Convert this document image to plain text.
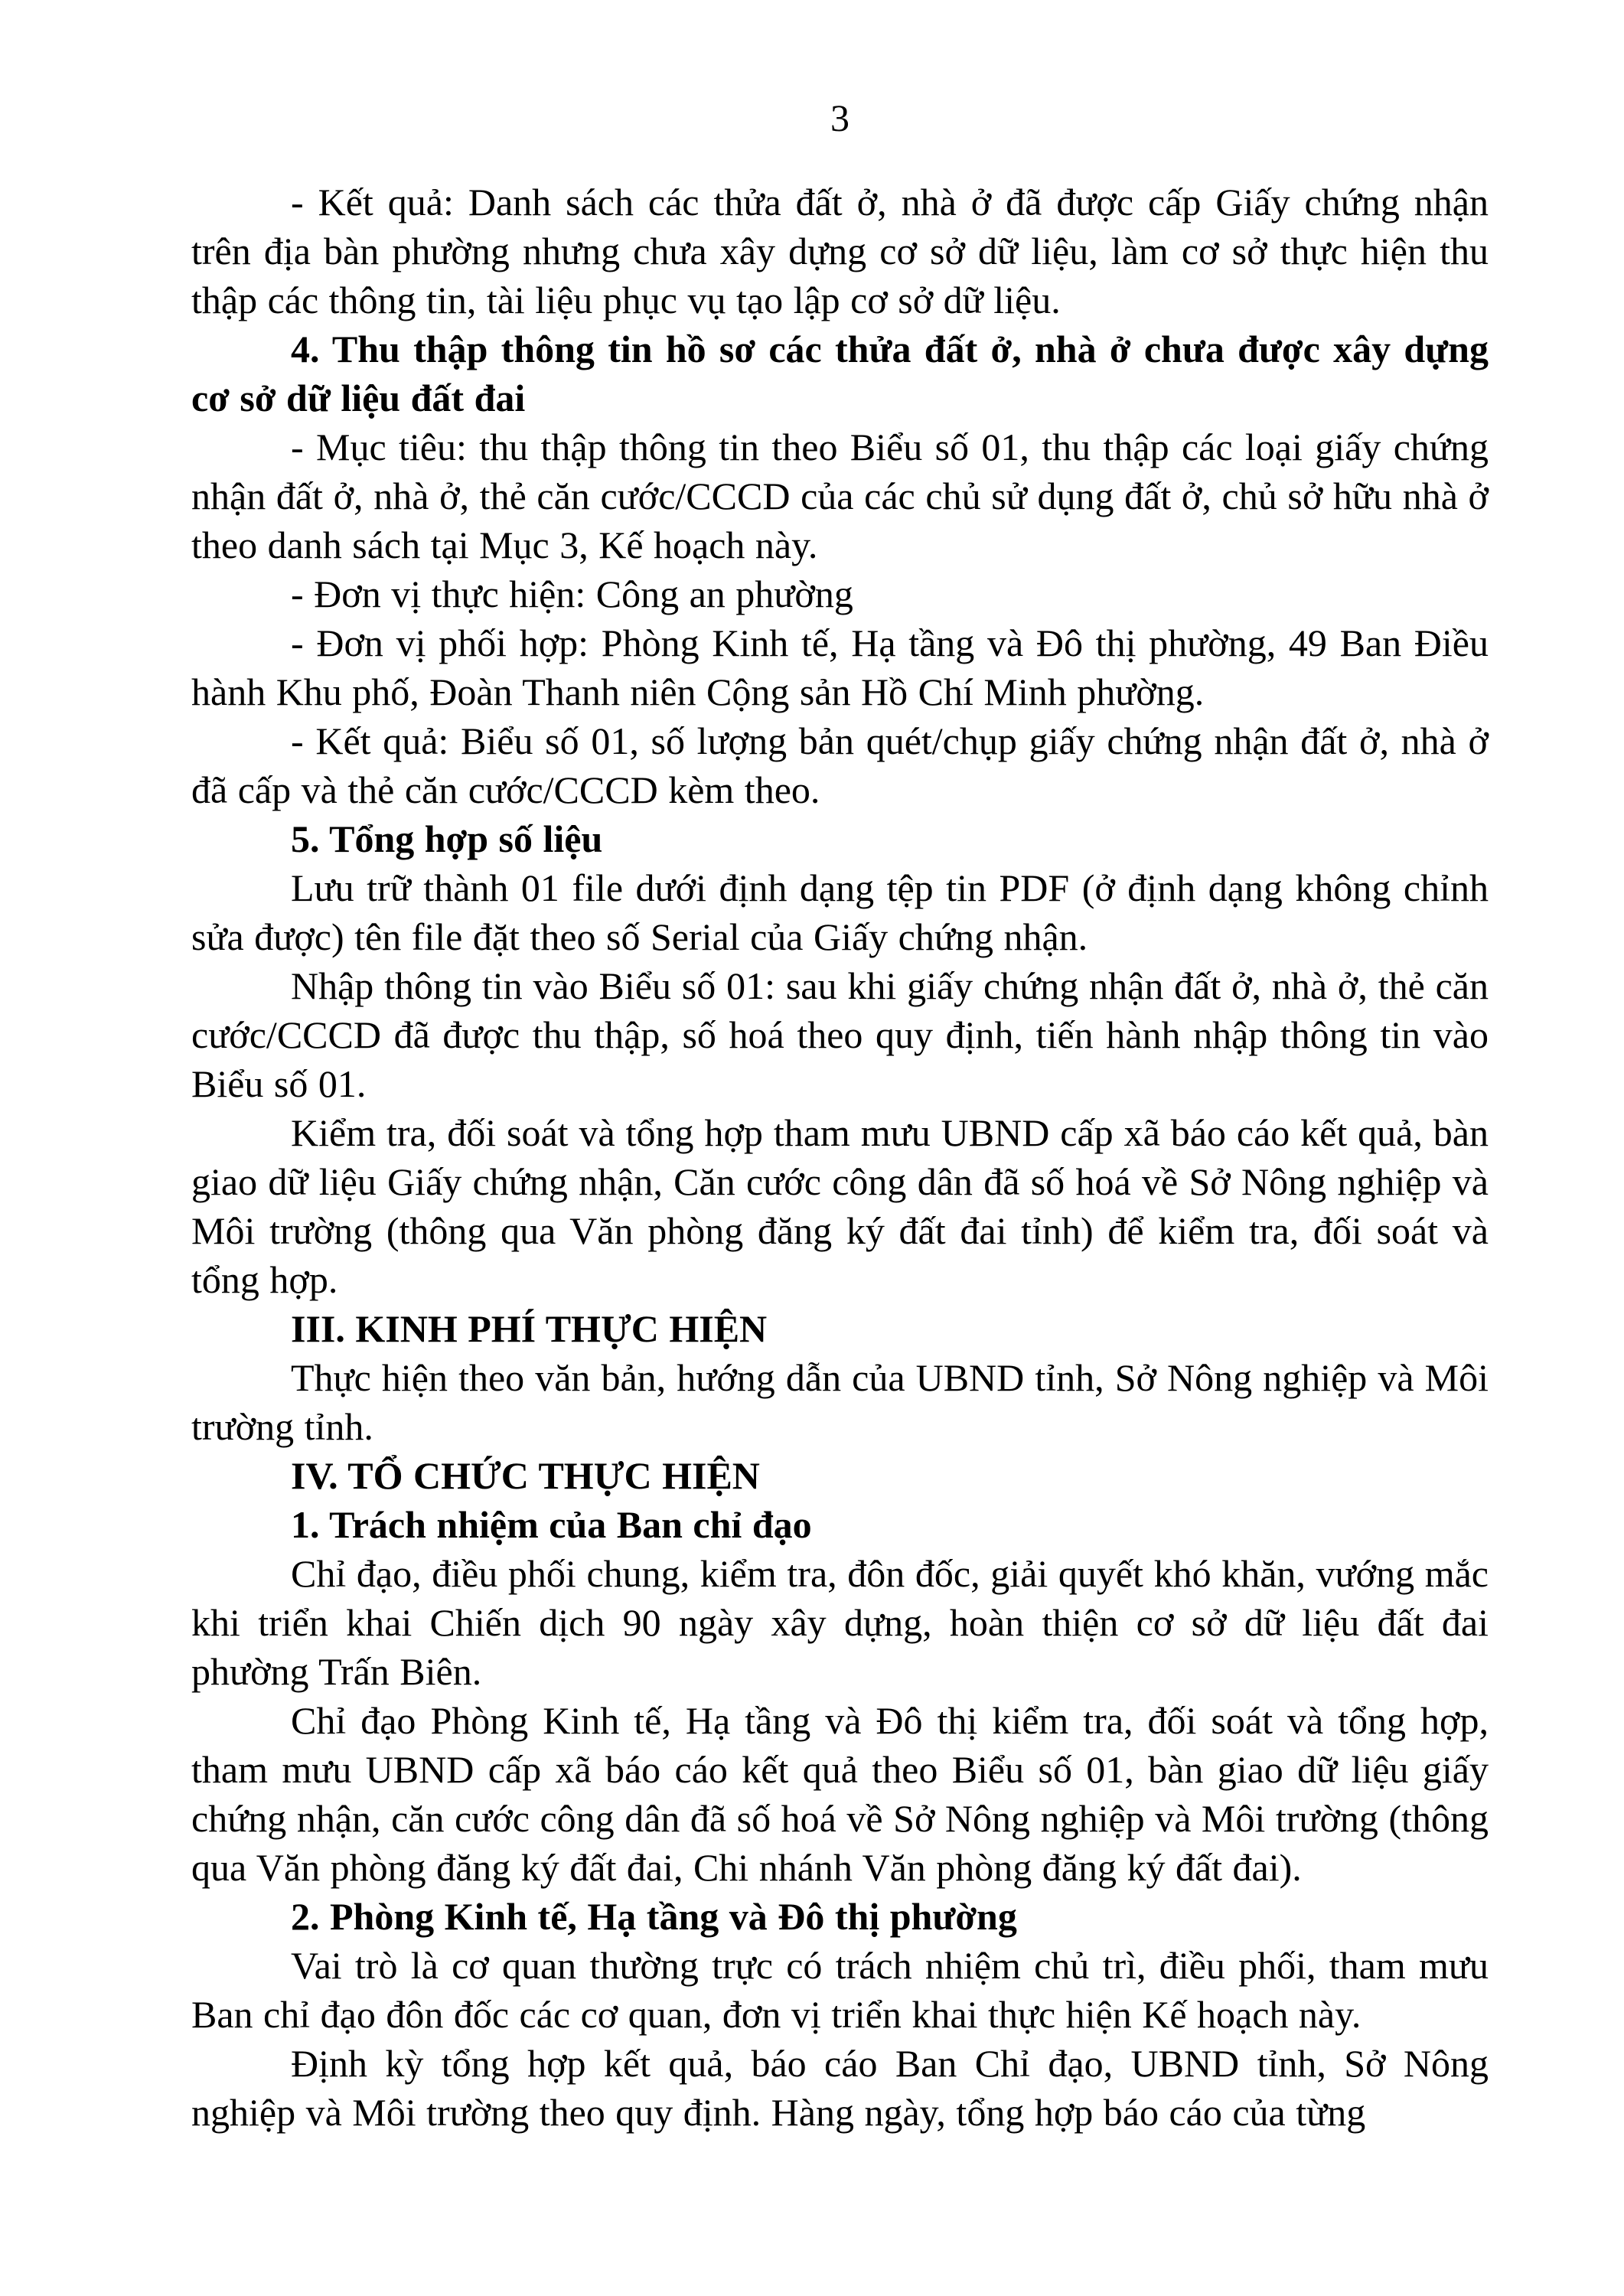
3

- Kết quả: Danh sách các thửa đất ở, nhà ở đã được cấp Giấy chứng nhận trên địa bàn phường nhưng chưa xây dựng cơ sở dữ liệu, làm cơ sở thực hiện thu thập các thông tin, tài liệu phục vụ tạo lập cơ sở dữ liệu.

4. Thu thập thông tin hồ sơ các thửa đất ở, nhà ở chưa được xây dựng cơ sở dữ liệu đất đai

- Mục tiêu: thu thập thông tin theo Biểu số 01, thu thập các loại giấy chứng nhận đất ở, nhà ở, thẻ căn cước/CCCD của các chủ sử dụng đất ở, chủ sở hữu nhà ở theo danh sách tại Mục 3, Kế hoạch này.

- Đơn vị thực hiện: Công an phường

- Đơn vị phối hợp: Phòng Kinh tế, Hạ tầng và Đô thị phường, 49 Ban Điều hành Khu phố, Đoàn Thanh niên Cộng sản Hồ Chí Minh phường.

- Kết quả: Biểu số 01, số lượng bản quét/chụp giấy chứng nhận đất ở, nhà ở đã cấp và thẻ căn cước/CCCD kèm theo.

5. Tổng hợp số liệu

Lưu trữ thành 01 file dưới định dạng tệp tin PDF (ở định dạng không chỉnh sửa được) tên file đặt theo số Serial của Giấy chứng nhận.

Nhập thông tin vào Biểu số 01: sau khi giấy chứng nhận đất ở, nhà ở, thẻ căn cước/CCCD đã được thu thập, số hoá theo quy định, tiến hành nhập thông tin vào Biểu số 01.

Kiểm tra, đối soát và tổng hợp tham mưu UBND cấp xã báo cáo kết quả, bàn giao dữ liệu Giấy chứng nhận, Căn cước công dân đã số hoá về Sở Nông nghiệp và Môi trường (thông qua Văn phòng đăng ký đất đai tỉnh) để kiểm tra, đối soát và tổng hợp.

III. KINH PHÍ THỰC HIỆN

Thực hiện theo văn bản, hướng dẫn của UBND tỉnh, Sở Nông nghiệp và Môi trường tỉnh.

IV. TỔ CHỨC THỰC HIỆN

1. Trách nhiệm của Ban chỉ đạo

Chỉ đạo, điều phối chung, kiểm tra, đôn đốc, giải quyết khó khăn, vướng mắc khi triển khai Chiến dịch 90 ngày xây dựng, hoàn thiện cơ sở dữ liệu đất đai phường Trấn Biên.

Chỉ đạo Phòng Kinh tế, Hạ tầng và Đô thị kiểm tra, đối soát và tổng hợp, tham mưu UBND cấp xã báo cáo kết quả theo Biểu số 01, bàn giao dữ liệu giấy chứng nhận, căn cước công dân đã số hoá về Sở Nông nghiệp và Môi trường (thông qua Văn phòng đăng ký đất đai, Chi nhánh Văn phòng đăng ký đất đai).

2. Phòng Kinh tế, Hạ tầng và Đô thị phường

Vai trò là cơ quan thường trực có trách nhiệm chủ trì, điều phối, tham mưu Ban chỉ đạo đôn đốc các cơ quan, đơn vị triển khai thực hiện Kế hoạch này.

Định kỳ tổng hợp kết quả, báo cáo Ban Chỉ đạo, UBND tỉnh, Sở Nông nghiệp và Môi trường theo quy định. Hàng ngày, tổng hợp báo cáo của từng
